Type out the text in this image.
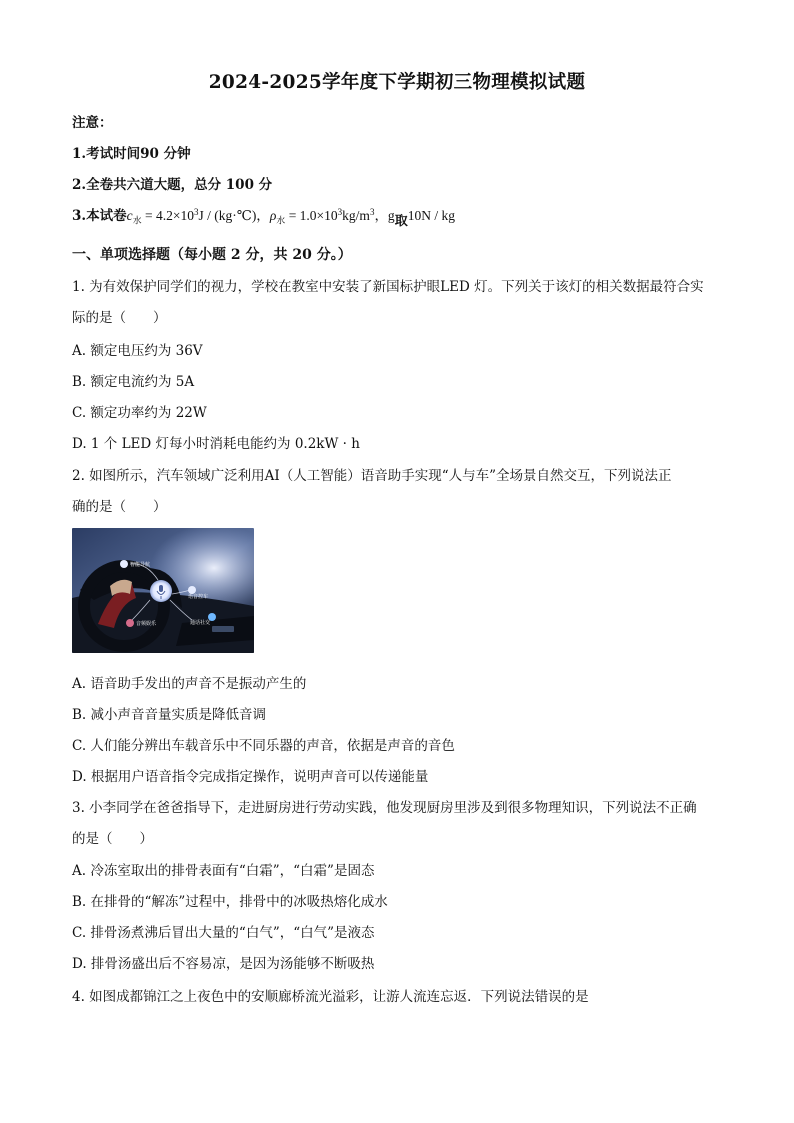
2024-2025学年度下学期初三物理模拟试题
注意：
1.考试时间90 分钟
2.全卷共六道大题，总分 100 分
3.本试卷$c_水 = 4.2\times 10^3J$ / (kg·℃)，$\rho_水 = 1.0\times 10^3kg/m^3$，$g_取10N$ / kg
一、单项选择题（每小题 2 分，共 20 分。）
1. 为有效保护同学们的视力，学校在教室中安装了新国标护眼LED 灯。下列关于该灯的相关数据最符合实
际的是（　　）
A. 额定电压约为 36V
B. 额定电流约为 5A
C. 额定功率约为 22W
D. 1 个 LED 灯每小时消耗电能约为 0.2kW · h
2. 如图所示，汽车领域广泛利用AI（人工智能）语音助手实现“人与车”全场景自然交互，下列说法正
确的是（　　）
智能导航
语音控车
音频娱乐	通话社交
A. 语音助手发出的声音不是振动产生的
B. 减小声音音量实质是降低音调
C. 人们能分辨出车载音乐中不同乐器的声音，依据是声音的音色
D. 根据用户语音指令完成指定操作，说明声音可以传递能量
3. 小李同学在爸爸指导下，走进厨房进行劳动实践，他发现厨房里涉及到很多物理知识，下列说法不正确
的是（　　）
A. 冷冻室取出的排骨表面有“白霜”，“白霜”是固态
B. 在排骨的“解冻”过程中，排骨中的冰吸热熔化成水
C. 排骨汤煮沸后冒出大量的“白气”，“白气”是液态
D. 排骨汤盛出后不容易凉，是因为汤能够不断吸热
4. 如图成都锦江之上夜色中的安顺廊桥流光溢彩，让游人流连忘返．下列说法错误的是
